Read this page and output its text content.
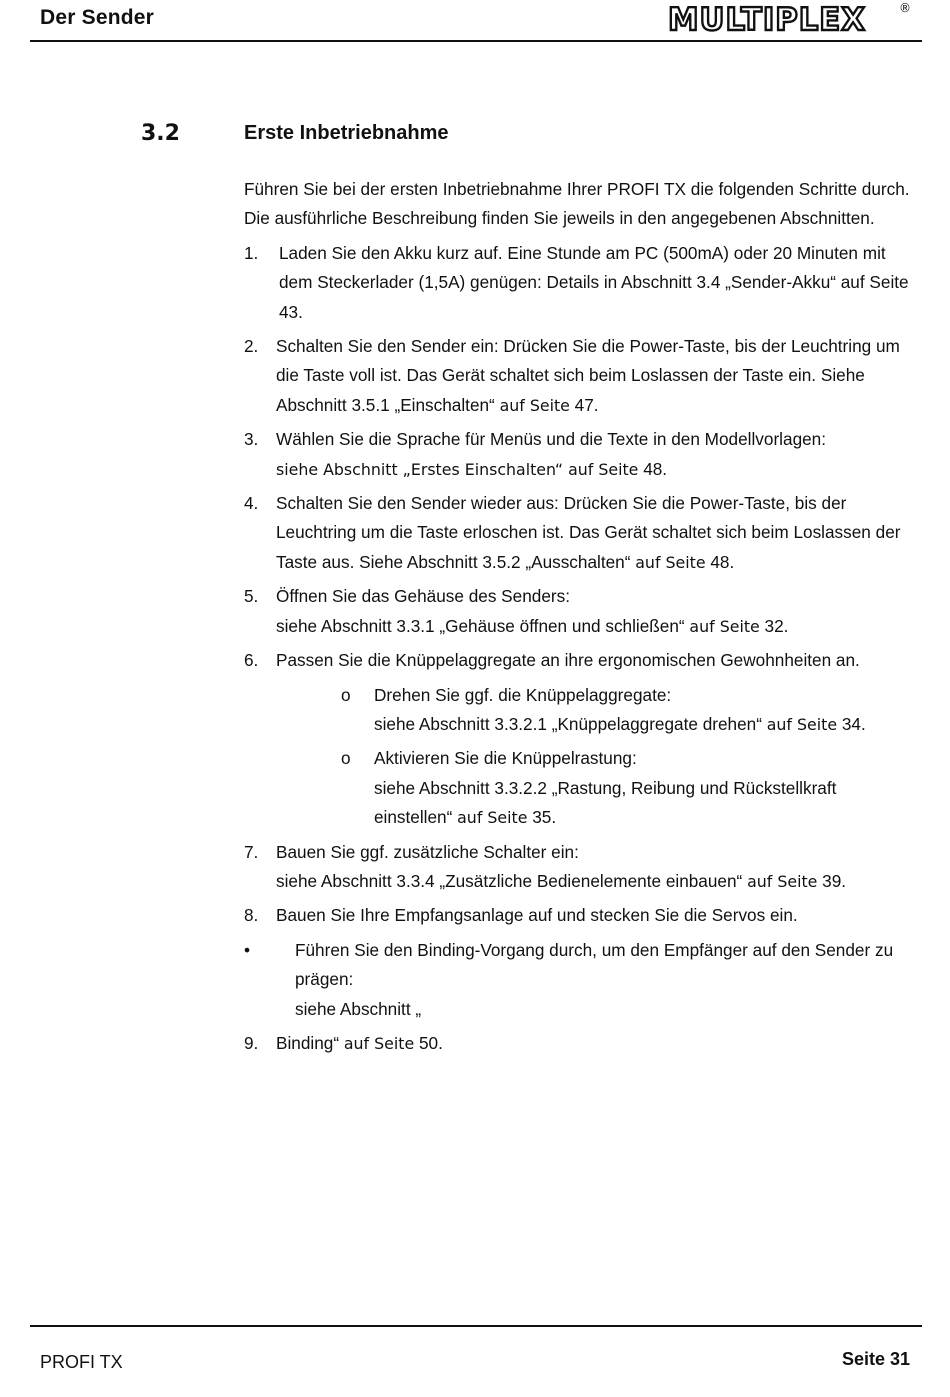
Der Sender	MULTIPLEX	®
3.2	Erste Inbetriebnahme

Führen Sie bei der ersten Inbetriebnahme Ihrer PROFI TX die folgenden Schritte durch. Die ausführliche Beschreibung finden Sie jeweils in den angegebenen Abschnitten.

1.	Laden Sie den Akku kurz auf. Eine Stunde am PC (500mA) oder 20 Minuten mit dem Steckerlader (1,5A) genügen: Details in Abschnitt 3.4 „Sender-Akku“ auf Seite 43.
2.	Schalten Sie den Sender ein: Drücken Sie die Power-Taste, bis der Leuchtring um die Taste voll ist. Das Gerät schaltet sich beim Loslassen der Taste ein. Siehe Abschnitt 3.5.1 „Einschalten“ auf Seite 47.
3. Wählen Sie die Sprache für Menüs und die Texte in den Modellvorlagen:
siehe Abschnitt „Erstes Einschalten“ auf Seite 48.
4.	Schalten Sie den Sender wieder aus: Drücken Sie die Power-Taste, bis der Leuchtring um die Taste erloschen ist. Das Gerät schaltet sich beim Loslassen der Taste aus. Siehe Abschnitt 3.5.2 „Ausschalten“ auf Seite 48.
5. Öffnen Sie das Gehäuse des Senders:
siehe Abschnitt 3.3.1 „Gehäuse öffnen und schließen“ auf Seite 32.
6.	Passen Sie die Knüppelaggregate an ihre ergonomischen Gewohnheiten an.
o Drehen Sie ggf. die Knüppelaggregate:
siehe Abschnitt 3.3.2.1 „Knüppelaggregate drehen“ auf Seite 34.
o Aktivieren Sie die Knüppelrastung:
siehe Abschnitt 3.3.2.2 „Rastung, Reibung und Rückstellkraft einstellen“ auf Seite 35.
7. Bauen Sie ggf. zusätzliche Schalter ein:
siehe Abschnitt 3.3.4 „Zusätzliche Bedienelemente einbauen“ auf Seite 39.
8.	Bauen Sie Ihre Empfangsanlage auf und stecken Sie die Servos ein.
•	Führen Sie den Binding-Vorgang durch, um den Empfänger auf den Sender zu prägen:
siehe Abschnitt „
9.	Binding“ auf Seite 50.
PROFI TX	Seite 31
